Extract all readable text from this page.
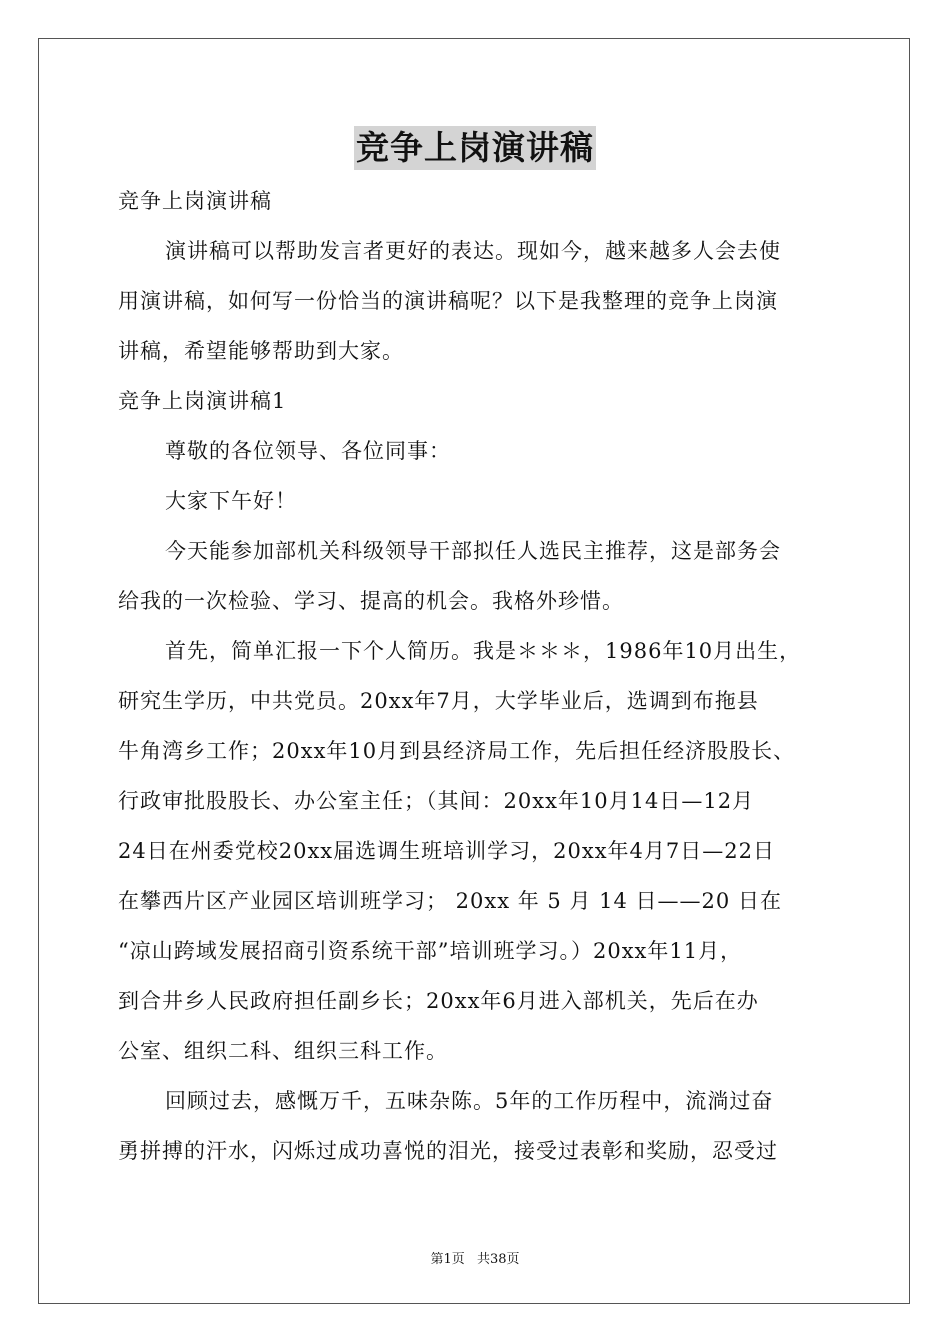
竞争上岗演讲稿
竞争上岗演讲稿
演讲稿可以帮助发言者更好的表达。现如今，越来越多人会去使
用演讲稿，如何写一份恰当的演讲稿呢？以下是我整理的竞争上岗演
讲稿，希望能够帮助到大家。
竞争上岗演讲稿1
尊敬的各位领导、各位同事：
大家下午好！
今天能参加部机关科级领导干部拟任人选民主推荐，这是部务会
给我的一次检验、学习、提高的机会。我格外珍惜。
首先，简单汇报一下个人简历。我是＊＊＊，1986年10月出生，
研究生学历，中共党员。20xx年7月，大学毕业后，选调到布拖县
牛角湾乡工作；20xx年10月到县经济局工作，先后担任经济股股长、
行政审批股股长、办公室主任；（其间：20xx年10月14日—12月
24日在州委党校20xx届选调生班培训学习，20xx年4月7日—22日
在攀西片区产业园区培训班学习； 20xx 年 5 月 14 日——20 日在
“凉山跨域发展招商引资系统干部”培训班学习。）20xx年11月，
到合井乡人民政府担任副乡长；20xx年6月进入部机关，先后在办
公室、组织二科、组织三科工作。
回顾过去，感慨万千，五味杂陈。5年的工作历程中，流淌过奋
勇拼搏的汗水，闪烁过成功喜悦的泪光，接受过表彰和奖励，忍受过
第1页 共38页
